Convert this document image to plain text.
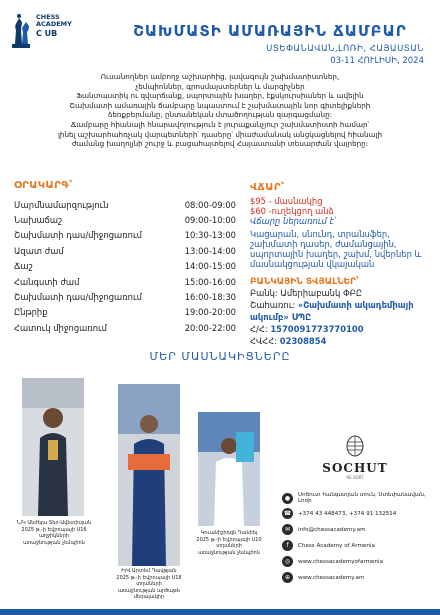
CHESS
ACADEMY
C UB	ՇԱԽՄԱՏԻ ԱՄԱՌԱՅԻՆ ՃԱՄԲԱՐ
ՍՏԵՓԱՆԱՎԱՆ,ԼՈՌԻ, ՀԱՅԱՍՏԱՆ
03-11 ՀՈՒԼԻՍԻ, 2024

Ուսանողներ ամբողջ աշխարհից, լավագույն շախմատիստներ,

չեմպիոններ, գրոսմայստերներ և մարզիչներ

Ֆանտաստիկ ու զվարճանք, սպորտային խաղեր, էքսկուրսիաներ և ավելին

Շախմատի ամառային ճամբարը նպաստում է շախմատային նոր գիտելիքների

ձեռքբերմանը, ընտանեկան մտածողության զարգացմանը:

Ճամբարը հիանալի հնարավորություն է յուրաքանչյուր շախմատիստի համար՝

լինել աշխարհահռչակ վարպետների՝ դասերը՝ միաժամանակ անցկացնելով հիանալի

ժամանց խաղոլյնի շուրջ և բացահայտելով Հայաստանի տեսարժան վայրերը:

ՕՐԱԿԱՐԳ՝
Մարմնամարզություն	08:00-09:00
Նախաճաշ	09:00-10:00
Շախմատի դաս/միջոցառում	10:30-13:00
Ազատ ժամ	13:00-14:00
Ճաշ	14:00-15:00
Հանգստի ժամ	15:00-16:00
Շախմատի դաս/միջոցառում	16:00-18:30
Ընթրիք	19:00-20:00
Հատուկ միջոցառում	20:00-22:00
ՎՃԱՐ՝
$95 - մասնակից
$60 -ուղեկցող անձ
Վճարը ներառում է՝
Կացարան, սնունդ, տրանսֆեր, շախմատի դասեր, ժամանցային, սպորտային խաղեր, շախմ, նվերներ և մասնակցության վկայական
ԲԱՆԿԱՅԻՆ ՏՎՅԱԼՆԵՐ՝
Բանկ: Ամերիաբանկ ՓԲԸ
Շահառու: «Շախմատի ակադեմիայի ակումբ» ՍՊԸ
Հ/Հ: 1570091773770100
ՀՎՀՀ: 02308854
ՄԵՐ ՄԱՍՆԱԿԻՑՆԵՐԸ
Ն/Կ Անժելա Տեր-Ավետիսյան
2025 թ.-ի Եվրոպայի U16 աղջիկների
առաջնության չեմպիոն
Ի/Վ Արտեմ Դավթյան
2025 թ.-ի Եվրոպայի U18 տղաների
առաջնության արծաթե մեդալակիր
Կուանիշիդզե Դանիել
2025 թ.-ի Եվրոպայի U10 տղաների
առաջնության չեմպիոն
SOCHUT
RE SORT
●	Սոճուտ հանգստյան տուն, Ստեփանավան, Լոռի
☎	+374 43 448473, +374 91 132514
✉	info@chessacademy.am
f	Chess Academy of Armenia
◎	www.chessacademyofarmenia
⊕	www.chessacademy.am
